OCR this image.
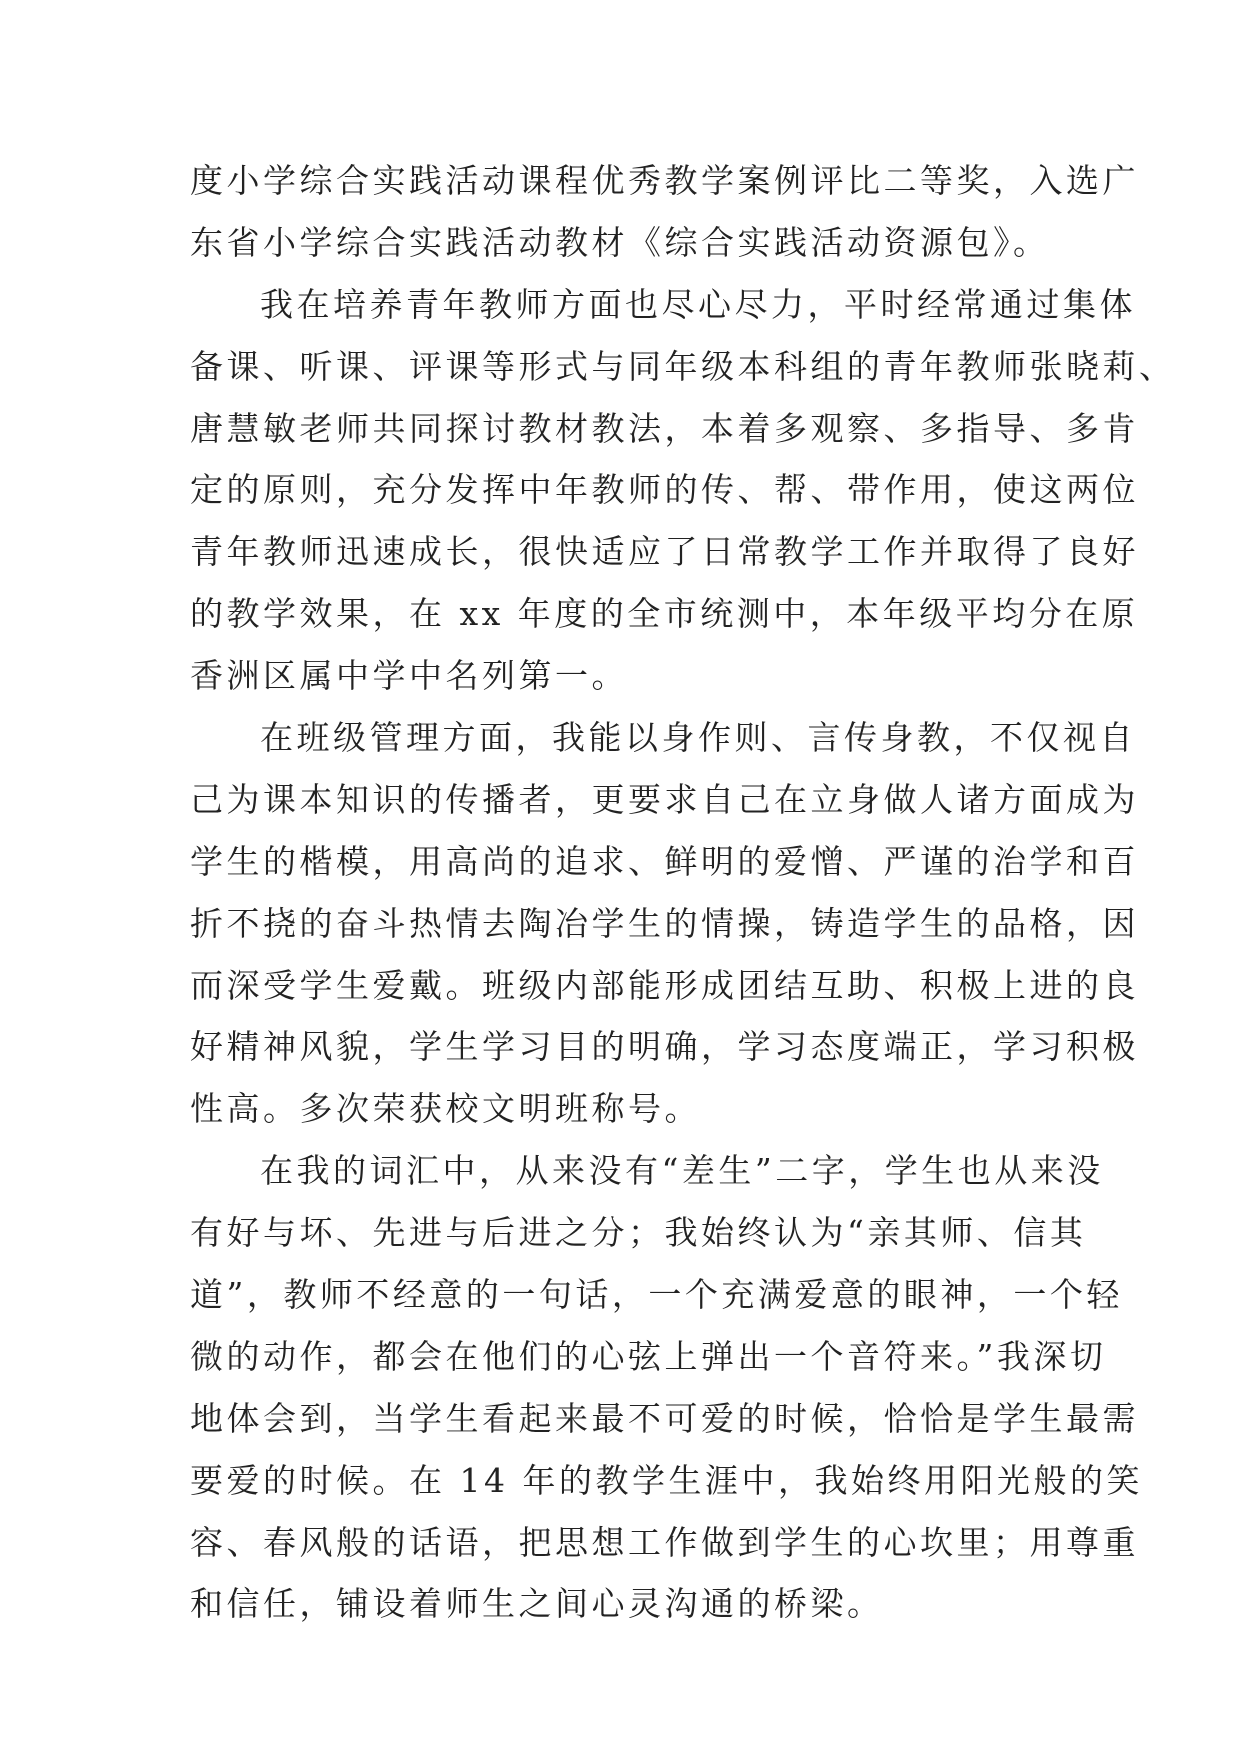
度小学综合实践活动课程优秀教学案例评比二等奖，入选广
东省小学综合实践活动教材《综合实践活动资源包》。
我在培养青年教师方面也尽心尽力，平时经常通过集体
备课、听课、评课等形式与同年级本科组的青年教师张晓莉、
唐慧敏老师共同探讨教材教法，本着多观察、多指导、多肯
定的原则，充分发挥中年教师的传、帮、带作用，使这两位
青年教师迅速成长，很快适应了日常教学工作并取得了良好
的教学效果，在 xx 年度的全市统测中，本年级平均分在原
香洲区属中学中名列第一。
在班级管理方面，我能以身作则、言传身教，不仅视自
己为课本知识的传播者，更要求自己在立身做人诸方面成为
学生的楷模，用高尚的追求、鲜明的爱憎、严谨的治学和百
折不挠的奋斗热情去陶冶学生的情操，铸造学生的品格，因
而深受学生爱戴。班级内部能形成团结互助、积极上进的良
好精神风貌，学生学习目的明确，学习态度端正，学习积极
性高。多次荣获校文明班称号。
在我的词汇中，从来没有“差生”二字，学生也从来没
有好与坏、先进与后进之分；我始终认为“亲其师、信其
道”，教师不经意的一句话，一个充满爱意的眼神，一个轻
微的动作，都会在他们的心弦上弹出一个音符来。”我深切
地体会到，当学生看起来最不可爱的时候，恰恰是学生最需
要爱的时候。在 14 年的教学生涯中，我始终用阳光般的笑
容、春风般的话语，把思想工作做到学生的心坎里；用尊重
和信任，铺设着师生之间心灵沟通的桥梁。
